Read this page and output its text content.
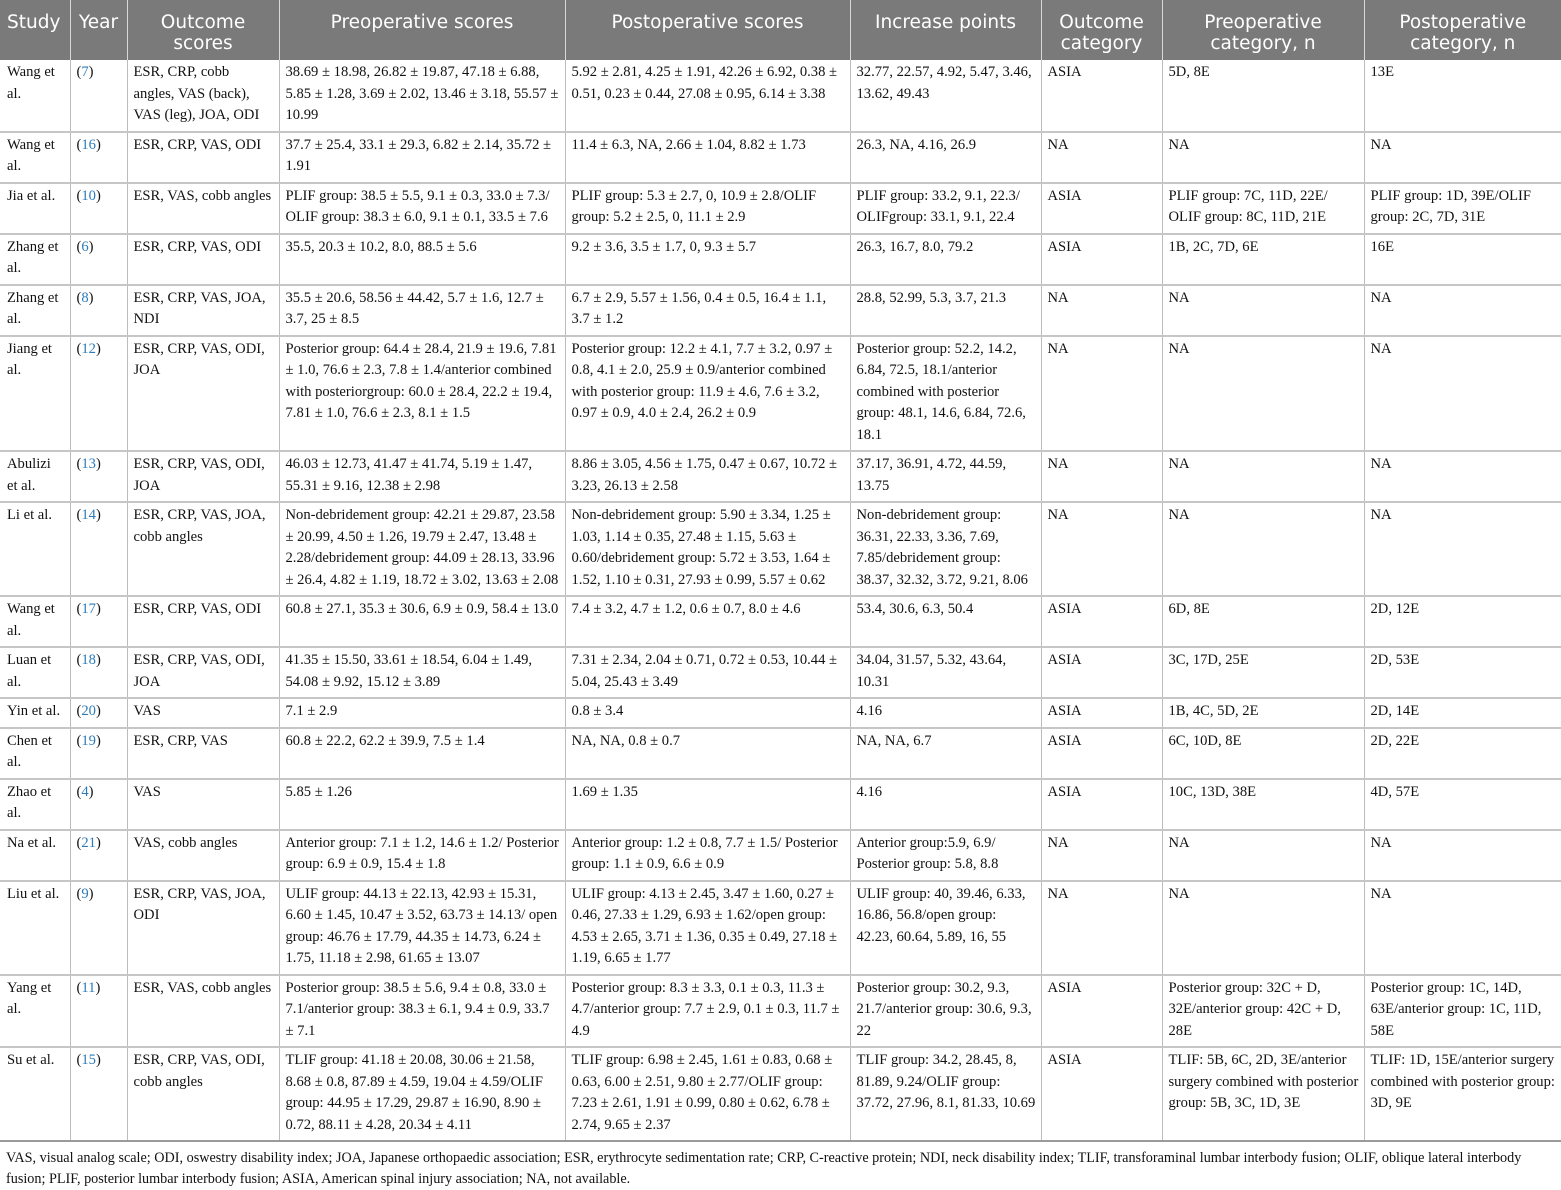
Study	Year	Outcome scores	Preoperative scores	Postoperative scores	Increase points	Outcome category	Preoperative category, n	Postoperative category, n
Wang et al.	( 7 )	ESR, CRP, cobb angles, VAS (back), VAS (leg), JOA, ODI	38.69 ± 18.98, 26.82 ± 19.87, 47.18 ± 6.88, 5.85 ± 1.28, 3.69 ± 2.02, 13.46 ± 3.18, 55.57 ± 10.99	5.92 ± 2.81, 4.25 ± 1.91, 42.26 ± 6.92, 0.38 ± 0.51, 0.23 ± 0.44, 27.08 ± 0.95, 6.14 ± 3.38	32.77, 22.57, 4.92, 5.47, 3.46, 13.62, 49.43	ASIA	5D, 8E	13E
Wang et al.	( 16 )	ESR, CRP, VAS, ODI	37.7 ± 25.4, 33.1 ± 29.3, 6.82 ± 2.14, 35.72 ± 1.91	11.4 ± 6.3, NA, 2.66 ± 1.04, 8.82 ± 1.73	26.3, NA, 4.16, 26.9	NA	NA	NA
Jia et al.	( 10 )	ESR, VAS, cobb angles	PLIF group: 38.5 ± 5.5, 9.1 ± 0.3, 33.0 ± 7.3/ OLIF group: 38.3 ± 6.0, 9.1 ± 0.1, 33.5 ± 7.6	PLIF group: 5.3 ± 2.7, 0, 10.9 ± 2.8/OLIF group: 5.2 ± 2.5, 0, 11.1 ± 2.9	PLIF group: 33.2, 9.1, 22.3/ OLIFgroup: 33.1, 9.1, 22.4	ASIA	PLIF group: 7C, 11D, 22E/ OLIF group: 8C, 11D, 21E	PLIF group: 1D, 39E/OLIF group: 2C, 7D, 31E
Zhang et al.	( 6 )	ESR, CRP, VAS, ODI	35.5, 20.3 ± 10.2, 8.0, 88.5 ± 5.6	9.2 ± 3.6, 3.5 ± 1.7, 0, 9.3 ± 5.7	26.3, 16.7, 8.0, 79.2	ASIA	1B, 2C, 7D, 6E	16E
Zhang et al.	( 8 )	ESR, CRP, VAS, JOA, NDI	35.5 ± 20.6, 58.56 ± 44.42, 5.7 ± 1.6, 12.7 ± 3.7, 25 ± 8.5	6.7 ± 2.9, 5.57 ± 1.56, 0.4 ± 0.5, 16.4 ± 1.1, 3.7 ± 1.2	28.8, 52.99, 5.3, 3.7, 21.3	NA	NA	NA
Jiang et al.	( 12 )	ESR, CRP, VAS, ODI, JOA	Posterior group: 64.4 ± 28.4, 21.9 ± 19.6, 7.81 ± 1.0, 76.6 ± 2.3, 7.8 ± 1.4/anterior combined with posteriorgroup: 60.0 ± 28.4, 22.2 ± 19.4, 7.81 ± 1.0, 76.6 ± 2.3, 8.1 ± 1.5	Posterior group: 12.2 ± 4.1, 7.7 ± 3.2, 0.97 ± 0.8, 4.1 ± 2.0, 25.9 ± 0.9/anterior combined with posterior group: 11.9 ± 4.6, 7.6 ± 3.2, 0.97 ± 0.9, 4.0 ± 2.4, 26.2 ± 0.9	Posterior group: 52.2, 14.2, 6.84, 72.5, 18.1/anterior combined with posterior group: 48.1, 14.6, 6.84, 72.6, 18.1	NA	NA	NA
Abulizi et al.	( 13 )	ESR, CRP, VAS, ODI, JOA	46.03 ± 12.73, 41.47 ± 41.74, 5.19 ± 1.47, 55.31 ± 9.16, 12.38 ± 2.98	8.86 ± 3.05, 4.56 ± 1.75, 0.47 ± 0.67, 10.72 ± 3.23, 26.13 ± 2.58	37.17, 36.91, 4.72, 44.59, 13.75	NA	NA	NA
Li et al.	( 14 )	ESR, CRP, VAS, JOA, cobb angles	Non-debridement group: 42.21 ± 29.87, 23.58 ± 20.99, 4.50 ± 1.26, 19.79 ± 2.47, 13.48 ± 2.28/debridement group: 44.09 ± 28.13, 33.96 ± 26.4, 4.82 ± 1.19, 18.72 ± 3.02, 13.63 ± 2.08	Non-debridement group: 5.90 ± 3.34, 1.25 ± 1.03, 1.14 ± 0.35, 27.48 ± 1.15, 5.63 ± 0.60/debridement group: 5.72 ± 3.53, 1.64 ± 1.52, 1.10 ± 0.31, 27.93 ± 0.99, 5.57 ± 0.62	Non-debridement group: 36.31, 22.33, 3.36, 7.69, 7.85/debridement group: 38.37, 32.32, 3.72, 9.21, 8.06	NA	NA	NA
Wang et al.	( 17 )	ESR, CRP, VAS, ODI	60.8 ± 27.1, 35.3 ± 30.6, 6.9 ± 0.9, 58.4 ± 13.0	7.4 ± 3.2, 4.7 ± 1.2, 0.6 ± 0.7, 8.0 ± 4.6	53.4, 30.6, 6.3, 50.4	ASIA	6D, 8E	2D, 12E
Luan et al.	( 18 )	ESR, CRP, VAS, ODI, JOA	41.35 ± 15.50, 33.61 ± 18.54, 6.04 ± 1.49, 54.08 ± 9.92, 15.12 ± 3.89	7.31 ± 2.34, 2.04 ± 0.71, 0.72 ± 0.53, 10.44 ± 5.04, 25.43 ± 3.49	34.04, 31.57, 5.32, 43.64, 10.31	ASIA	3C, 17D, 25E	2D, 53E
Yin et al.	( 20 )	VAS	7.1 ± 2.9	0.8 ± 3.4	4.16	ASIA	1B, 4C, 5D, 2E	2D, 14E
Chen et al.	( 19 )	ESR, CRP, VAS	60.8 ± 22.2, 62.2 ± 39.9, 7.5 ± 1.4	NA, NA, 0.8 ± 0.7	NA, NA, 6.7	ASIA	6C, 10D, 8E	2D, 22E
Zhao et al.	( 4 )	VAS	5.85 ± 1.26	1.69 ± 1.35	4.16	ASIA	10C, 13D, 38E	4D, 57E
Na et al.	( 21 )	VAS, cobb angles	Anterior group: 7.1 ± 1.2, 14.6 ± 1.2/ Posterior group: 6.9 ± 0.9, 15.4 ± 1.8	Anterior group: 1.2 ± 0.8, 7.7 ± 1.5/ Posterior group: 1.1 ± 0.9, 6.6 ± 0.9	Anterior group:5.9, 6.9/ Posterior group: 5.8, 8.8	NA	NA	NA
Liu et al.	( 9 )	ESR, CRP, VAS, JOA, ODI	ULIF group: 44.13 ± 22.13, 42.93 ± 15.31, 6.60 ± 1.45, 10.47 ± 3.52, 63.73 ± 14.13/ open group: 46.76 ± 17.79, 44.35 ± 14.73, 6.24 ± 1.75, 11.18 ± 2.98, 61.65 ± 13.07	ULIF group: 4.13 ± 2.45, 3.47 ± 1.60, 0.27 ± 0.46, 27.33 ± 1.29, 6.93 ± 1.62/open group: 4.53 ± 2.65, 3.71 ± 1.36, 0.35 ± 0.49, 27.18 ± 1.19, 6.65 ± 1.77	ULIF group: 40, 39.46, 6.33, 16.86, 56.8/open group: 42.23, 60.64, 5.89, 16, 55	NA	NA	NA
Yang et al.	( 11 )	ESR, VAS, cobb angles	Posterior group: 38.5 ± 5.6, 9.4 ± 0.8, 33.0 ± 7.1/anterior group: 38.3 ± 6.1, 9.4 ± 0.9, 33.7 ± 7.1	Posterior group: 8.3 ± 3.3, 0.1 ± 0.3, 11.3 ± 4.7/anterior group: 7.7 ± 2.9, 0.1 ± 0.3, 11.7 ± 4.9	Posterior group: 30.2, 9.3, 21.7/anterior group: 30.6, 9.3, 22	ASIA	Posterior group: 32C + D, 32E/anterior group: 42C + D, 28E	Posterior group: 1C, 14D, 63E/anterior group: 1C, 11D, 58E
Su et al.	( 15 )	ESR, CRP, VAS, ODI, cobb angles	TLIF group: 41.18 ± 20.08, 30.06 ± 21.58, 8.68 ± 0.8, 87.89 ± 4.59, 19.04 ± 4.59/OLIF group: 44.95 ± 17.29, 29.87 ± 16.90, 8.90 ± 0.72, 88.11 ± 4.28, 20.34 ± 4.11	TLIF group: 6.98 ± 2.45, 1.61 ± 0.83, 0.68 ± 0.63, 6.00 ± 2.51, 9.80 ± 2.77/OLIF group: 7.23 ± 2.61, 1.91 ± 0.99, 0.80 ± 0.62, 6.78 ± 2.74, 9.65 ± 2.37	TLIF group: 34.2, 28.45, 8, 81.89, 9.24/OLIF group: 37.72, 27.96, 8.1, 81.33, 10.69	ASIA	TLIF: 5B, 6C, 2D, 3E/anterior surgery combined with posterior group: 5B, 3C, 1D, 3E	TLIF: 1D, 15E/anterior surgery combined with posterior group: 3D, 9E
VAS, visual analog scale; ODI, oswestry disability index; JOA, Japanese orthopaedic association; ESR, erythrocyte sedimentation rate; CRP, C-reactive protein; NDI, neck disability index; TLIF, transforaminal lumbar interbody fusion; OLIF, oblique lateral interbody fusion; PLIF, posterior lumbar interbody fusion; ASIA, American spinal injury association; NA, not available.
